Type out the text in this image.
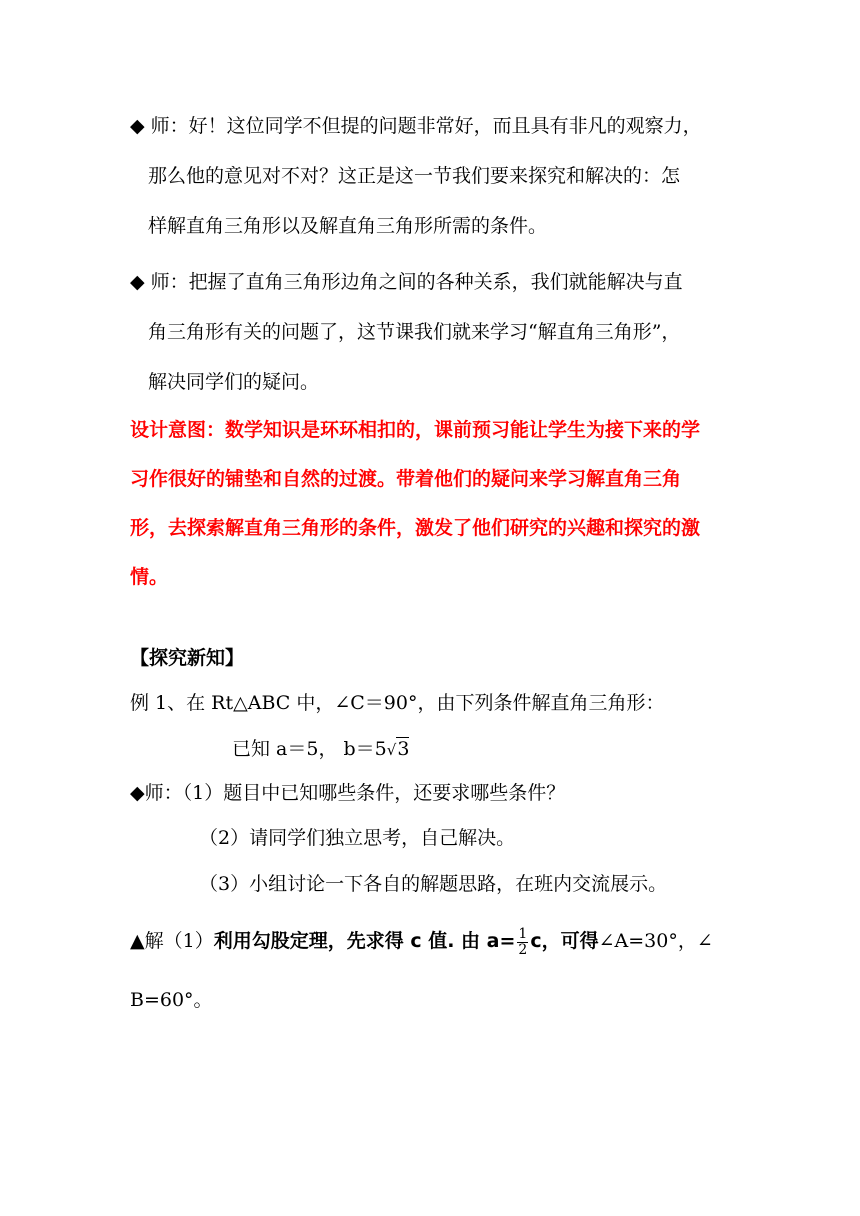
◆ 师：好！这位同学不但提的问题非常好，而且具有非凡的观察力，
那么他的意见对不对？这正是这一节我们要来探究和解决的：怎
样解直角三角形以及解直角三角形所需的条件。
◆ 师：把握了直角三角形边角之间的各种关系，我们就能解决与直
角三角形有关的问题了，这节课我们就来学习“解直角三角形”，
解决同学们的疑问。
设计意图：数学知识是环环相扣的，课前预习能让学生为接下来的学
习作很好的铺垫和自然的过渡。带着他们的疑问来学习解直角三角
形，去探索解直角三角形的条件，激发了他们研究的兴趣和探究的激
情。
【探究新知】
例 1、在 Rt△ABC 中，∠C＝90°，由下列条件解直角三角形：
已知 a＝5， b＝5√3
◆师：（1）题目中已知哪些条件，还要求哪些条件？
（2）请同学们独立思考，自己解决。
（3）小组讨论一下各自的解题思路，在班内交流展示。
▲解（1）利用勾股定理，先求得 c 值. 由 $a= \frac{1}{2}$ c，可得∠A=30°，∠
B=60°。
